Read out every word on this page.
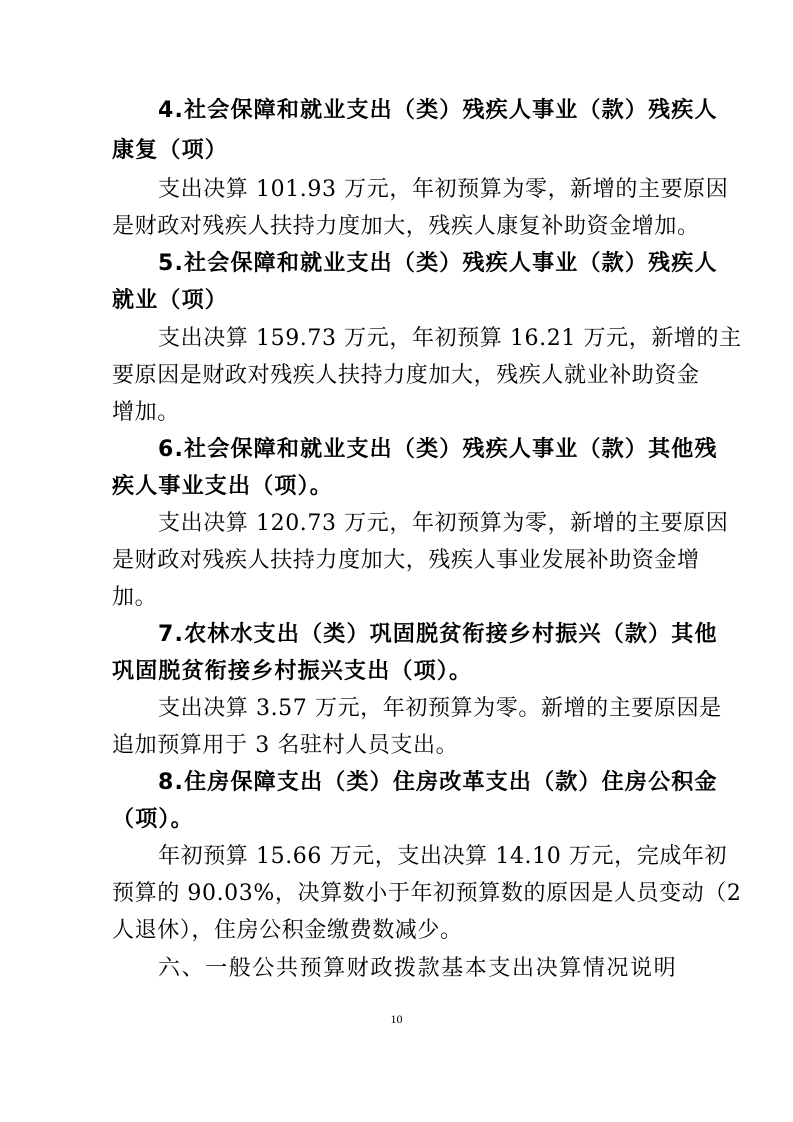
4.社会保障和就业支出（类）残疾人事业（款）残疾人
康复（项）
支出决算 101.93 万元，年初预算为零，新增的主要原因
是财政对残疾人扶持力度加大，残疾人康复补助资金增加。
5.社会保障和就业支出（类）残疾人事业（款）残疾人
就业（项）
支出决算 159.73 万元，年初预算 16.21 万元，新增的主
要原因是财政对残疾人扶持力度加大，残疾人就业补助资金
增加。
6.社会保障和就业支出（类）残疾人事业（款）其他残
疾人事业支出（项）。
支出决算 120.73 万元，年初预算为零，新增的主要原因
是财政对残疾人扶持力度加大，残疾人事业发展补助资金增
加。
7.农林水支出（类）巩固脱贫衔接乡村振兴（款）其他
巩固脱贫衔接乡村振兴支出（项）。
支出决算 3.57 万元，年初预算为零。新增的主要原因是
追加预算用于 3 名驻村人员支出。
8.住房保障支出（类）住房改革支出（款）住房公积金
（项）。
年初预算 15.66 万元，支出决算 14.10 万元，完成年初
预算的 90.03%，决算数小于年初预算数的原因是人员变动（2
人退休），住房公积金缴费数减少。
六、一般公共预算财政拨款基本支出决算情况说明
10
